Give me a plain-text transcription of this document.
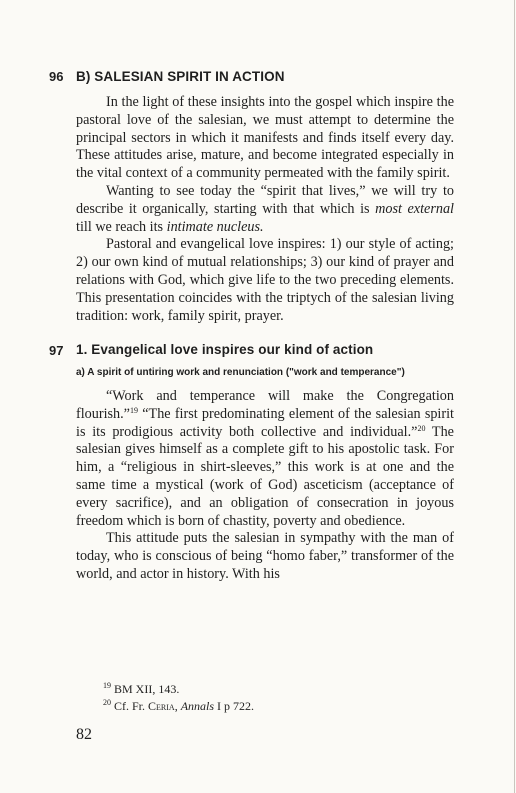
96 B) SALESIAN SPIRIT IN ACTION

In the light of these insights into the gospel which inspire the pastoral love of the salesian, we must attempt to determine the principal sectors in which it manifests and finds itself every day. These attitudes arise, mature, and become integrated especially in the vital context of a community permeated with the family spirit.

Wanting to see today the “spirit that lives,” we will try to describe it organically, starting with that which is most external till we reach its intimate nucleus.

Pastoral and evangelical love inspires: 1) our style of acting; 2) our own kind of mutual relationships; 3) our kind of prayer and relations with God, which give life to the two preceding elements. This presentation coincides with the triptych of the salesian living tradition: work, family spirit, prayer.

97 1. Evangelical love inspires our kind of action
a) A spirit of untiring work and renunciation ("work and temperance")

“Work and temperance will make the Congregation flourish.”$^{19}$ “The first predominating element of the salesian spirit is its prodigious activity both collective and individual.”$^{20}$ The salesian gives himself as a complete gift to his apostolic task. For him, a “religious in shirt-sleeves,” this work is at one and the same time a mystical (work of God) asceticism (acceptance of every sacrifice), and an obligation of consecration in joyous freedom which is born of chastity, poverty and obedience.

This attitude puts the salesian in sympathy with the man of today, who is conscious of being “homo faber,” transformer of the world, and actor in history. With his

$^{19}$ BM XII, 143.
$^{20}$ Cf. Fr. Ceria, Annals I p 722.
82
